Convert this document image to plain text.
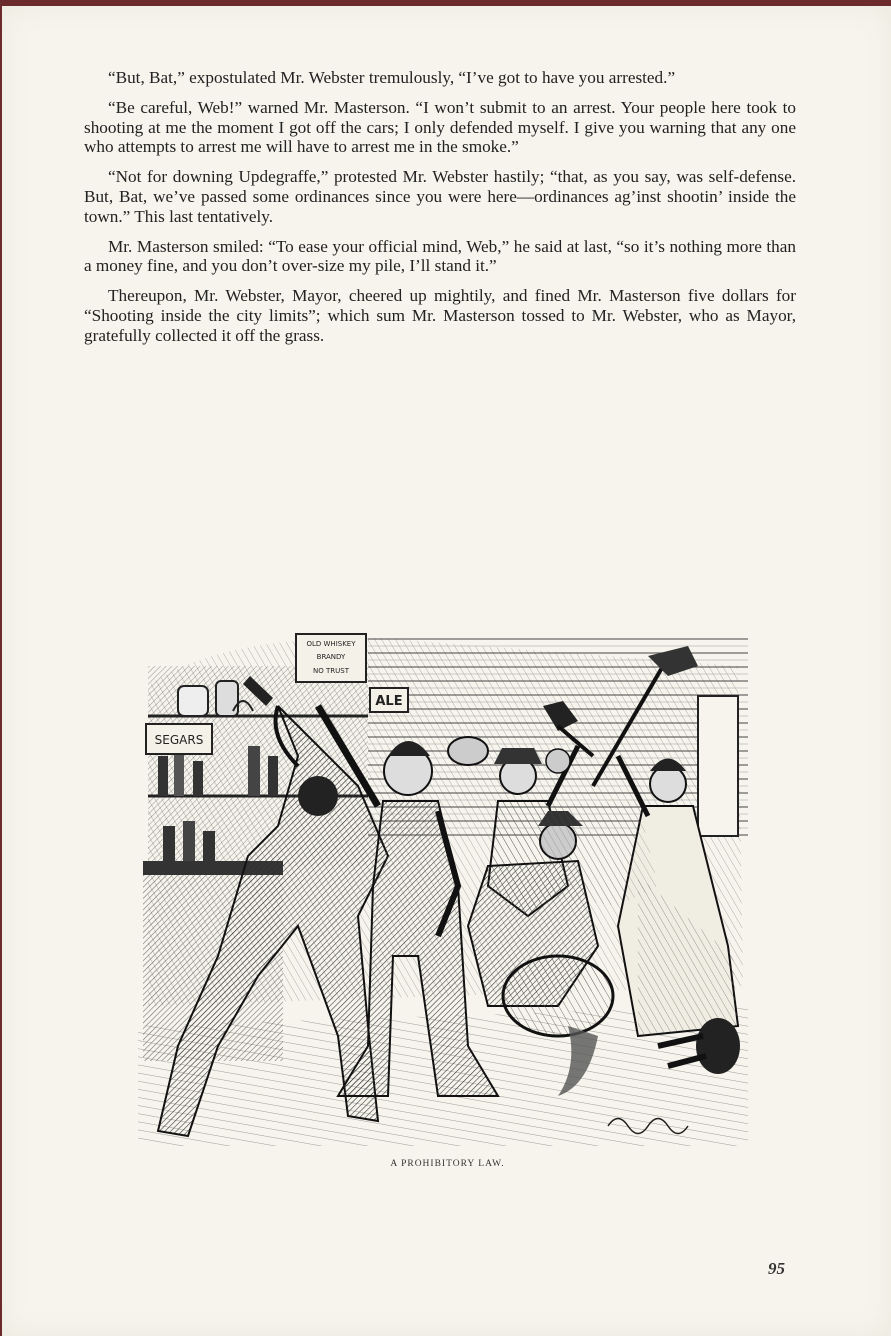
“But, Bat,” expostulated Mr. Webster tremulously, “I’ve got to have you arrested.”

“Be careful, Web!” warned Mr. Masterson. “I won’t submit to an arrest. Your people here took to shooting at me the moment I got off the cars; I only defended myself. I give you warning that any one who attempts to arrest me will have to arrest me in the smoke.”

“Not for downing Updegraffe,” protested Mr. Webster hastily; “that, as you say, was self-defense. But, Bat, we’ve passed some ordinances since you were here—ordinances ag’inst shootin’ inside the town.” This last tentatively.

Mr. Masterson smiled: “To ease your official mind, Web,” he said at last, “so it’s nothing more than a money fine, and you don’t over-size my pile, I’ll stand it.”

Thereupon, Mr. Webster, Mayor, cheered up mightily, and fined Mr. Masterson five dollars for “Shooting inside the city limits”; which sum Mr. Masterson tossed to Mr. Webster, who as Mayor, gratefully collected it off the grass.

OLD WHISKEY
BRANDY
NO TRUST
ALE
SEGARS
A PROHIBITORY LAW.
95
